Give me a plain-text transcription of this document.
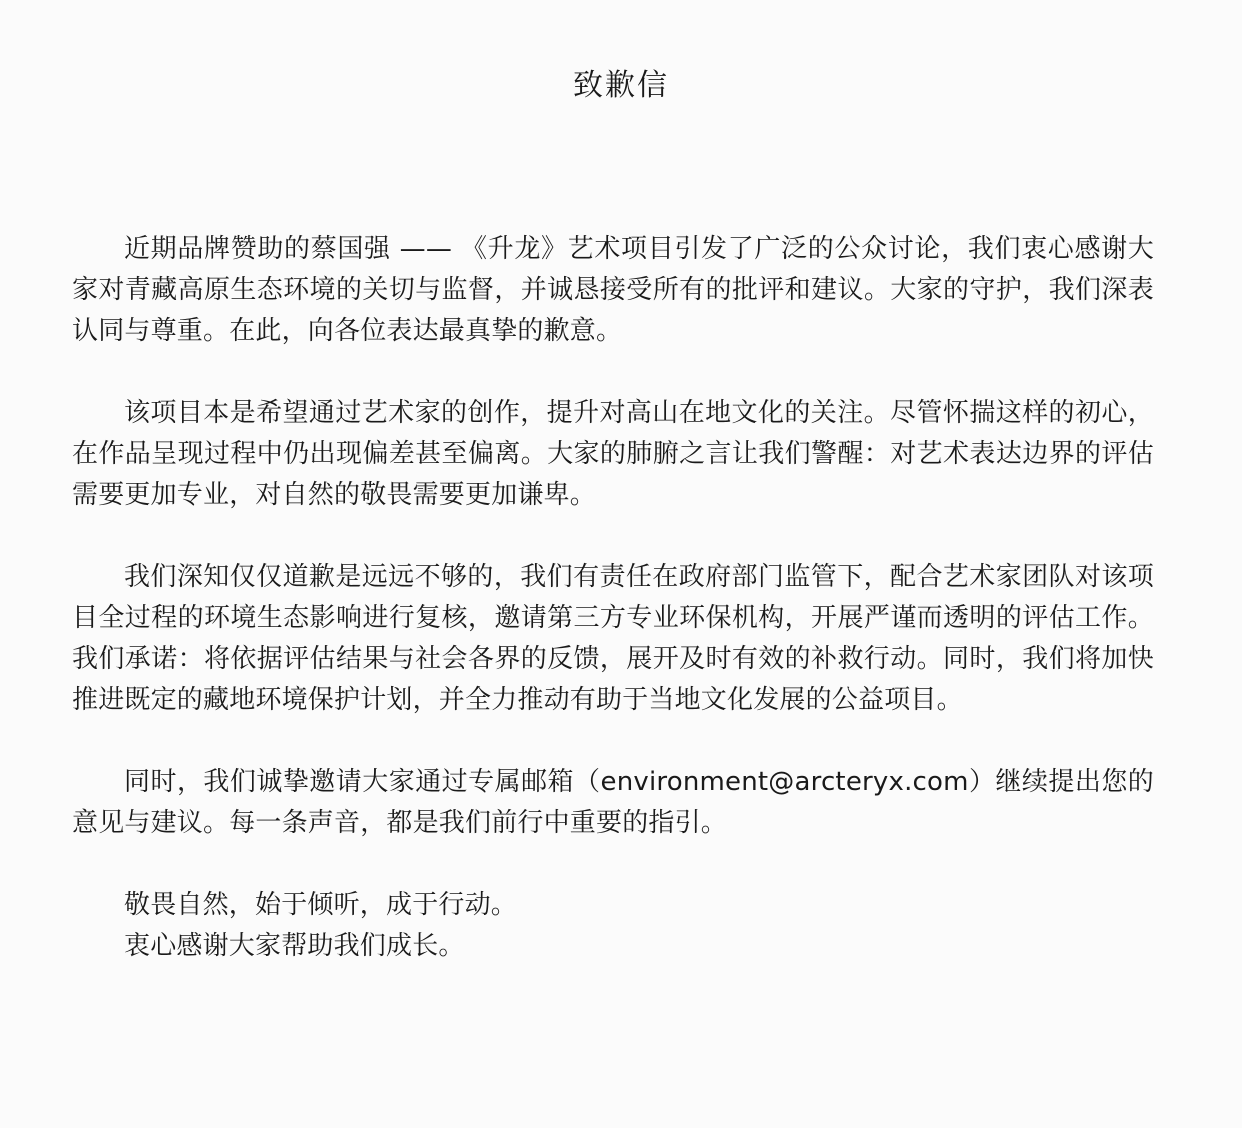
致歉信

近期品牌赞助的蔡国强 —— 《升龙》艺术项目引发了广泛的公众讨论，我们衷心感谢大家对青藏高原生态环境的关切与监督，并诚恳接受所有的批评和建议。大家的守护，我们深表认同与尊重。在此，向各位表达最真挚的歉意。

该项目本是希望通过艺术家的创作，提升对高山在地文化的关注。尽管怀揣这样的初心，在作品呈现过程中仍出现偏差甚至偏离。大家的肺腑之言让我们警醒：对艺术表达边界的评估需要更加专业，对自然的敬畏需要更加谦卑。

我们深知仅仅道歉是远远不够的，我们有责任在政府部门监管下，配合艺术家团队对该项目全过程的环境生态影响进行复核，邀请第三方专业环保机构，开展严谨而透明的评估工作。我们承诺：将依据评估结果与社会各界的反馈，展开及时有效的补救行动。同时，我们将加快推进既定的藏地环境保护计划，并全力推动有助于当地文化发展的公益项目。

同时，我们诚挚邀请大家通过专属邮箱（environment@arcteryx.com）继续提出您的意见与建议。每一条声音，都是我们前行中重要的指引。

敬畏自然，始于倾听，成于行动。

衷心感谢大家帮助我们成长。
